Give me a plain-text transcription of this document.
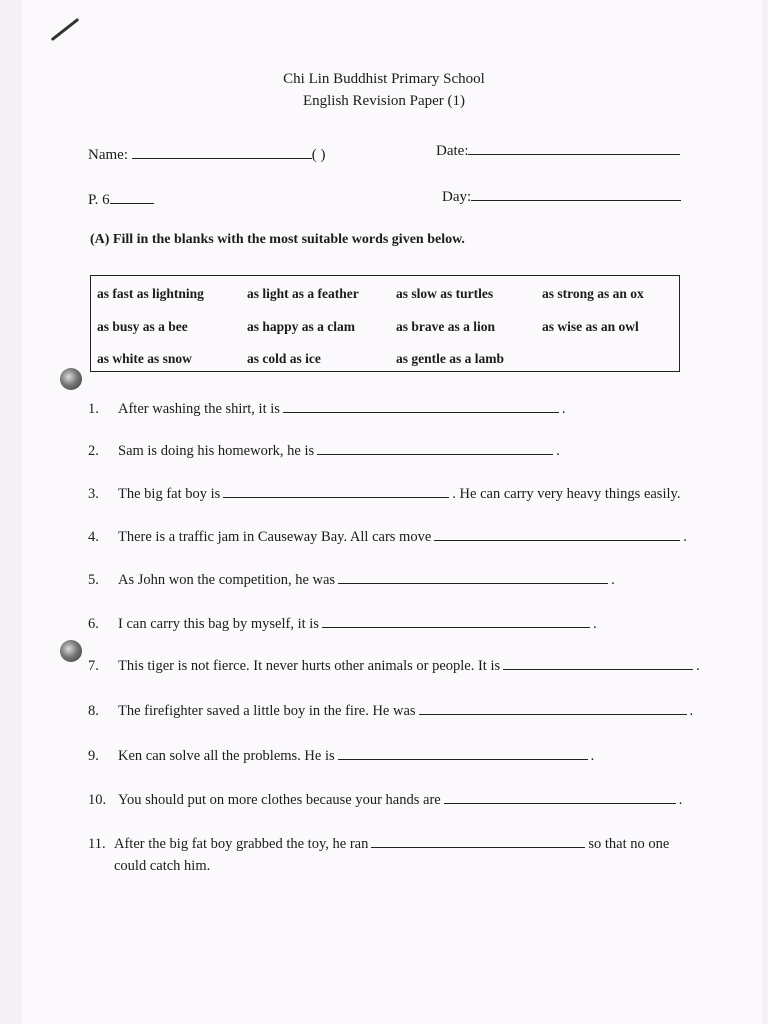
Chi Lin Buddhist Primary School
English Revision Paper (1)
Name:	( )	Date:
P. 6	Day:
(A) Fill in the blanks with the most suitable words given below.
as fast as lightning	as light as a feather	as slow as turtles	as strong as an ox
as busy as a bee	as happy as a clam	as brave as a lion	as wise as an owl
as white as snow	as cold as ice	as gentle as a lamb
1. After washing the shirt, it is	.
2. Sam is doing his homework, he is	.
3. The big fat boy is	. He can carry very heavy things easily.
4. There is a traffic jam in Causeway Bay. All cars move	.
5. As John won the competition, he was	.
6. I can carry this bag by myself, it is	.
7. This tiger is not fierce. It never hurts other animals or people. It is	.
8. The firefighter saved a little boy in the fire. He was	.
9. Ken can solve all the problems. He is	.
10. You should put on more clothes because your hands are	.
11. After the big fat boy grabbed the toy, he ran	so that no one
could catch him.
